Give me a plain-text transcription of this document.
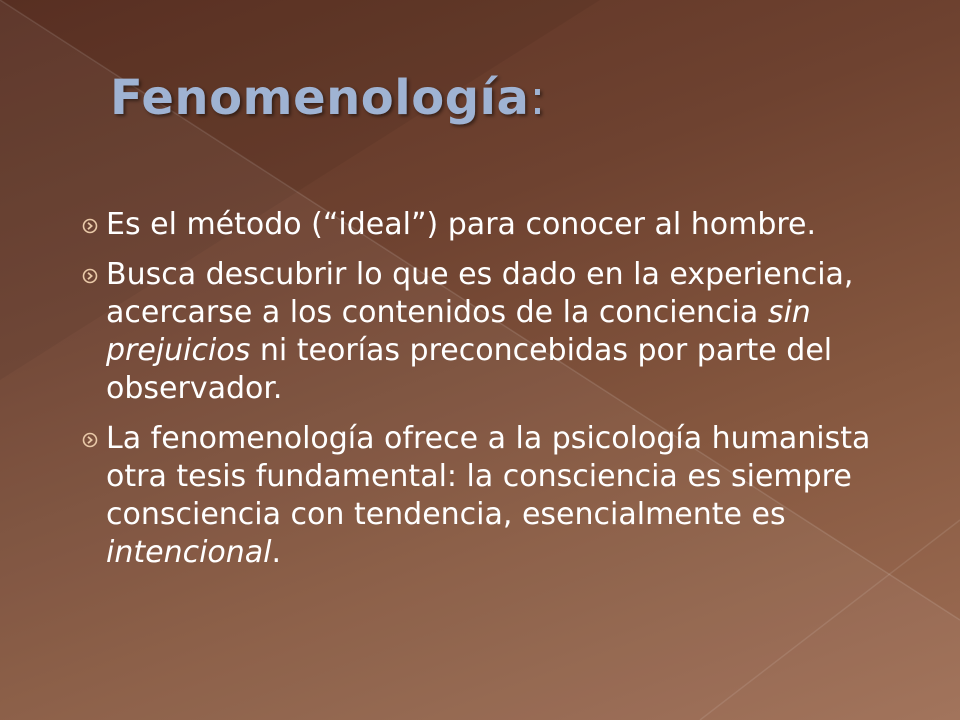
Fenomenología:
Es el método (“ideal”) para conocer al hombre.
Busca descubrir lo que es dado en la experiencia, acercarse a los contenidos de la conciencia sin prejuicios ni teorías preconcebidas por parte del observador.
La fenomenología ofrece a la psicología humanista otra tesis fundamental: la consciencia es siempre consciencia con tendencia, esencialmente es intencional.
